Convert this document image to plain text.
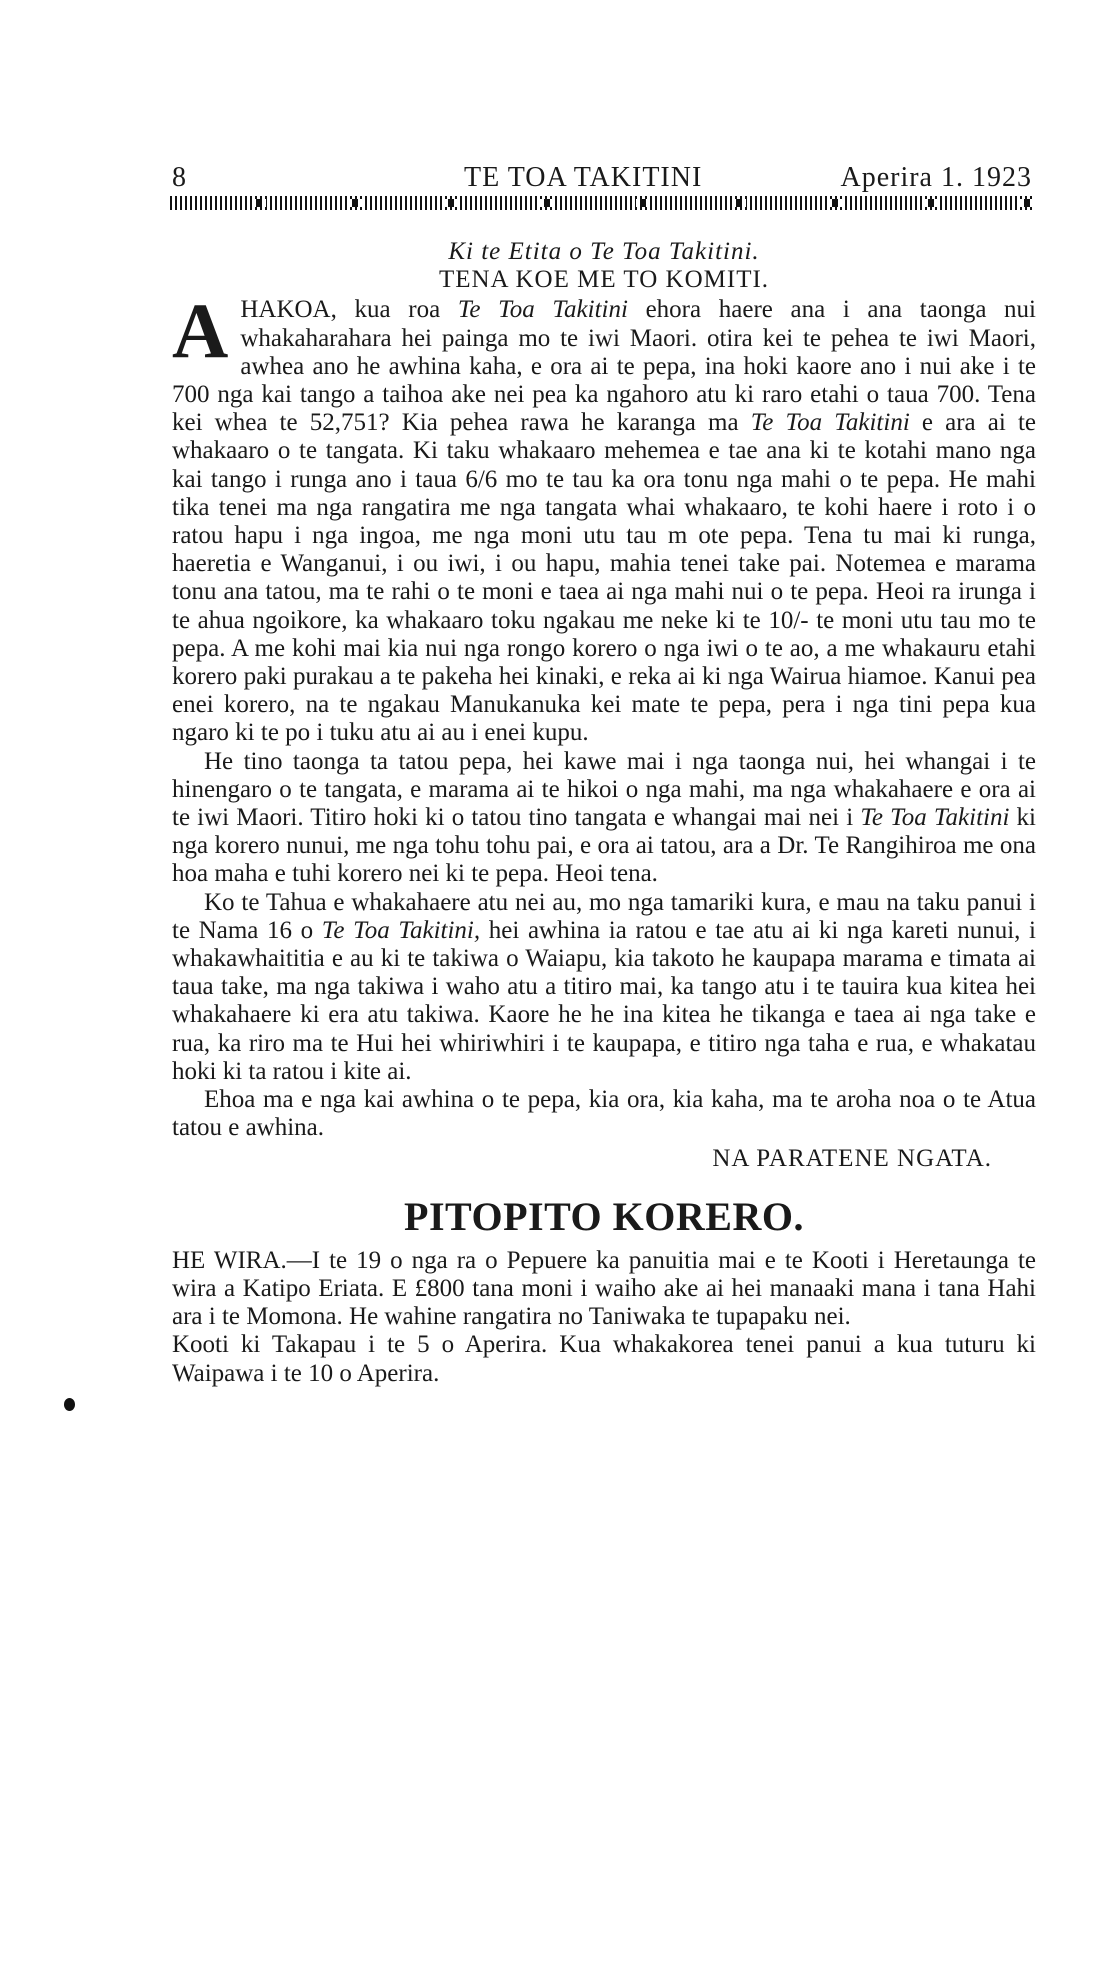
8	TE TOA TAKITINI	Aperira 1. 1923
Ki te Etita o Te Toa Takitini.
TENA KOE ME TO KOMITI.

AHAKOA, kua roa Te Toa Takitini ehora haere ana i ana taonga nui whakaharahara hei painga mo te iwi Maori. otira kei te pehea te iwi Maori, awhea ano he awhina kaha, e ora ai te pepa, ina hoki kaore ano i nui ake i te 700 nga kai tango a taihoa ake nei pea ka ngahoro atu ki raro etahi o taua 700. Tena kei whea te 52,751? Kia pehea rawa he karanga ma Te Toa Takitini e ara ai te whakaaro o te tangata. Ki taku whakaaro mehemea e tae ana ki te kotahi mano nga kai tango i runga ano i taua 6/6 mo te tau ka ora tonu nga mahi o te pepa. He mahi tika tenei ma nga rangatira me nga tangata whai whakaaro, te kohi haere i roto i o ratou hapu i nga ingoa, me nga moni utu tau m ote pepa. Tena tu mai ki runga, haeretia e Wanganui, i ou iwi, i ou hapu, mahia tenei take pai. Notemea e marama tonu ana tatou, ma te rahi o te moni e taea ai nga mahi nui o te pepa. Heoi ra irunga i te ahua ngoikore, ka whakaaro toku ngakau me neke ki te 10/- te moni utu tau mo te pepa. A me kohi mai kia nui nga rongo korero o nga iwi o te ao, a me whakauru etahi korero paki purakau a te pakeha hei kinaki, e reka ai ki nga Wairua hiamoe. Kanui pea enei korero, na te ngakau Manukanuka kei mate te pepa, pera i nga tini pepa kua ngaro ki te po i tuku atu ai au i enei kupu.

He tino taonga ta tatou pepa, hei kawe mai i nga taonga nui, hei whangai i te hinengaro o te tangata, e marama ai te hikoi o nga mahi, ma nga whakahaere e ora ai te iwi Maori. Titiro hoki ki o tatou tino tangata e whangai mai nei i Te Toa Takitini ki nga korero nunui, me nga tohu tohu pai, e ora ai tatou, ara a Dr. Te Rangihiroa me ona hoa maha e tuhi korero nei ki te pepa. Heoi tena.

Ko te Tahua e whakahaere atu nei au, mo nga tamariki kura, e mau na taku panui i te Nama 16 o Te Toa Takitini, hei awhina ia ratou e tae atu ai ki nga kareti nunui, i whakawhaititia e au ki te takiwa o Waiapu, kia takoto he kaupapa marama e timata ai taua take, ma nga takiwa i waho atu a titiro mai, ka tango atu i te tauira kua kitea hei whakahaere ki era atu takiwa. Kaore he he ina kitea he tikanga e taea ai nga take e rua, ka riro ma te Hui hei whiriwhiri i te kaupapa, e titiro nga taha e rua, e whakatau hoki ki ta ratou i kite ai.

Ehoa ma e nga kai awhina o te pepa, kia ora, kia kaha, ma te aroha noa o te Atua tatou e awhina.

NA PARATENE NGATA.
PITOPITO KORERO.

HE WIRA.—I te 19 o nga ra o Pepuere ka panuitia mai e te Kooti i Heretaunga te wira a Katipo Eriata. E £800 tana moni i waiho ake ai hei manaaki mana i tana Hahi ara i te Momona. He wahine rangatira no Taniwaka te tupapaku nei.

Kooti ki Takapau i te 5 o Aperira. Kua whakakorea tenei panui a kua tuturu ki Waipawa i te 10 o Aperira.
